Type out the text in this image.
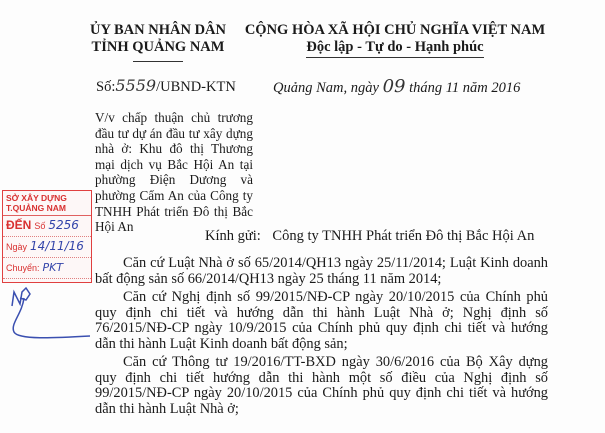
ỦY BAN NHÂN DÂN
TỈNH QUẢNG NAM
CỘNG HÒA XÃ HỘI CHỦ NGHĨA VIỆT NAM
Độc lập - Tự do - Hạnh phúc
Số:5559/UBND-KTN	Quảng Nam, ngày 09 tháng 11 năm 2016
V/v chấp thuận chủ trương đầu tư dự án đầu tư xây dựng nhà ở: Khu đô thị Thương mại dịch vụ Bắc Hội An tại phường Điện Dương và phường Cẩm An của Công ty TNHH Phát triển Đô thị Bắc Hội An
Kính gửi: Công ty TNHH Phát triển Đô thị Bắc Hội An

Căn cứ Luật Nhà ở số 65/2014/QH13 ngày 25/11/2014; Luật Kinh doanh bất động sản số 66/2014/QH13 ngày 25 tháng 11 năm 2014;

Căn cứ Nghị định số 99/2015/NĐ-CP ngày 20/10/2015 của Chính phủ quy định chi tiết và hướng dẫn thi hành Luật Nhà ở; Nghị định số 76/2015/NĐ-CP ngày 10/9/2015 của Chính phủ quy định chi tiết và hướng dẫn thi hành Luật Kinh doanh bất động sản;

Căn cứ Thông tư 19/2016/TT-BXD ngày 30/6/2016 của Bộ Xây dựng quy định chi tiết hướng dẫn thi hành một số điều của Nghị định số 99/2015/NĐ-CP ngày 20/10/2015 của Chính phủ quy định chi tiết và hướng dẫn thi hành Luật Nhà ở;

SỞ XÂY DỰNG T.QUẢNG NAM
ĐẾN Số 5256
Ngày 14/11/16
Chuyển: PKT
